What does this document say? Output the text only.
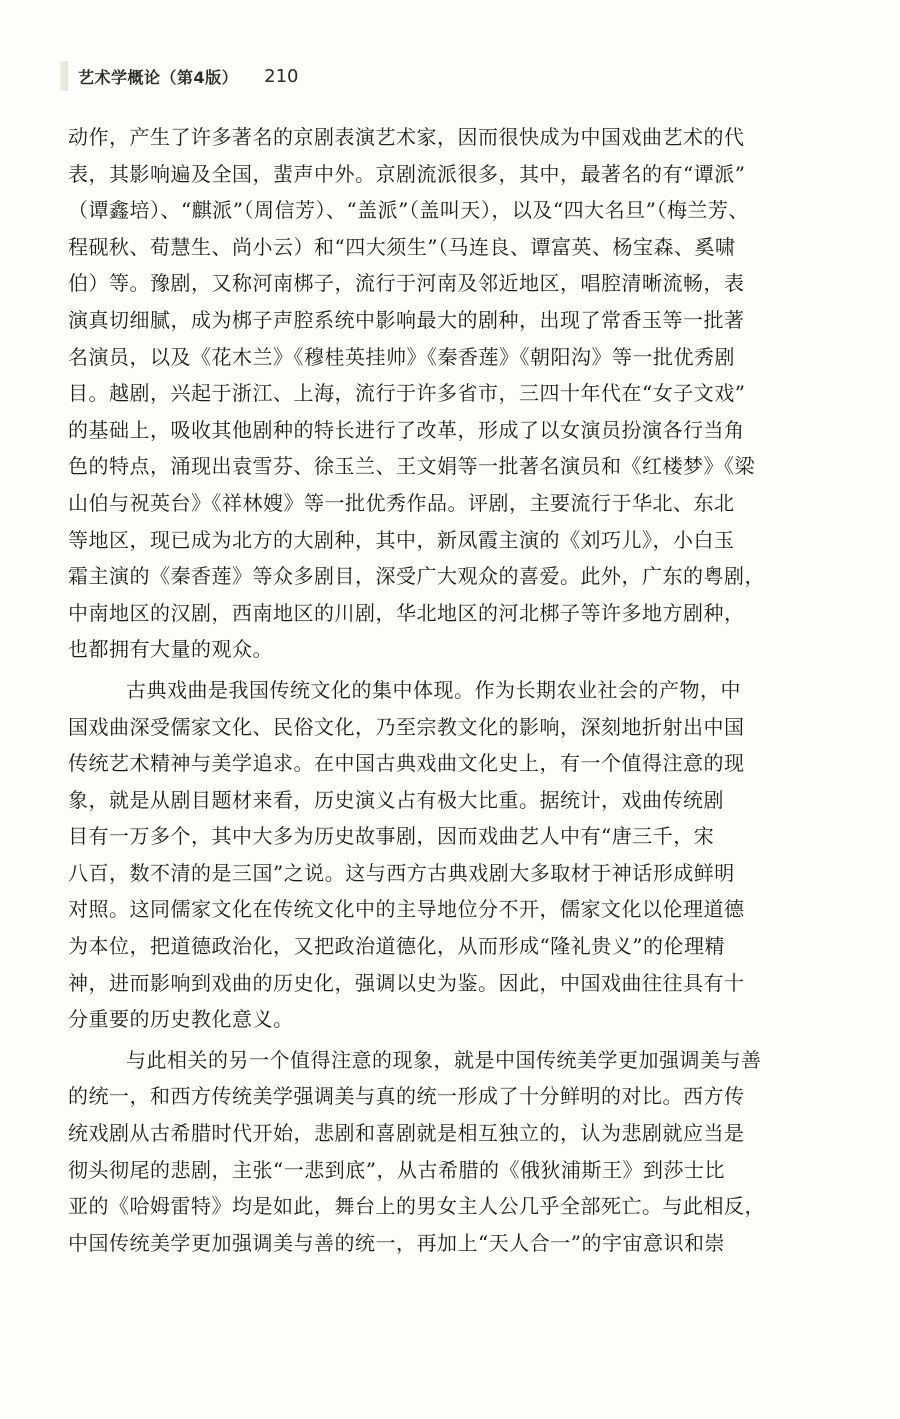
艺术学概论（第4版） 210
动作，产生了许多著名的京剧表演艺术家，因而很快成为中国戏曲艺术的代
表，其影响遍及全国，蜚声中外。京剧流派很多，其中，最著名的有“谭派”
（谭鑫培）、“麒派”（周信芳）、“盖派”（盖叫天），以及“四大名旦”（梅兰芳、
程砚秋、荀慧生、尚小云）和“四大须生”（马连良、谭富英、杨宝森、奚啸
伯）等。豫剧，又称河南梆子，流行于河南及邻近地区，唱腔清晰流畅，表
演真切细腻，成为梆子声腔系统中影响最大的剧种，出现了常香玉等一批著
名演员，以及《花木兰》《穆桂英挂帅》《秦香莲》《朝阳沟》等一批优秀剧
目。越剧，兴起于浙江、上海，流行于许多省市，三四十年代在“女子文戏”
的基础上，吸收其他剧种的特长进行了改革，形成了以女演员扮演各行当角
色的特点，涌现出袁雪芬、徐玉兰、王文娟等一批著名演员和《红楼梦》《梁
山伯与祝英台》《祥林嫂》等一批优秀作品。评剧，主要流行于华北、东北
等地区，现已成为北方的大剧种，其中，新凤霞主演的《刘巧儿》，小白玉
霜主演的《秦香莲》等众多剧目，深受广大观众的喜爱。此外，广东的粤剧，
中南地区的汉剧，西南地区的川剧，华北地区的河北梆子等许多地方剧种，
也都拥有大量的观众。
古典戏曲是我国传统文化的集中体现。作为长期农业社会的产物，中
国戏曲深受儒家文化、民俗文化，乃至宗教文化的影响，深刻地折射出中国
传统艺术精神与美学追求。在中国古典戏曲文化史上，有一个值得注意的现
象，就是从剧目题材来看，历史演义占有极大比重。据统计，戏曲传统剧
目有一万多个，其中大多为历史故事剧，因而戏曲艺人中有“唐三千，宋
八百，数不清的是三国”之说。这与西方古典戏剧大多取材于神话形成鲜明
对照。这同儒家文化在传统文化中的主导地位分不开，儒家文化以伦理道德
为本位，把道德政治化，又把政治道德化，从而形成“隆礼贵义”的伦理精
神，进而影响到戏曲的历史化，强调以史为鉴。因此，中国戏曲往往具有十
分重要的历史教化意义。
与此相关的另一个值得注意的现象，就是中国传统美学更加强调美与善
的统一，和西方传统美学强调美与真的统一形成了十分鲜明的对比。西方传
统戏剧从古希腊时代开始，悲剧和喜剧就是相互独立的，认为悲剧就应当是
彻头彻尾的悲剧，主张“一悲到底”，从古希腊的《俄狄浦斯王》到莎士比
亚的《哈姆雷特》均是如此，舞台上的男女主人公几乎全部死亡。与此相反，
中国传统美学更加强调美与善的统一，再加上“天人合一”的宇宙意识和崇
